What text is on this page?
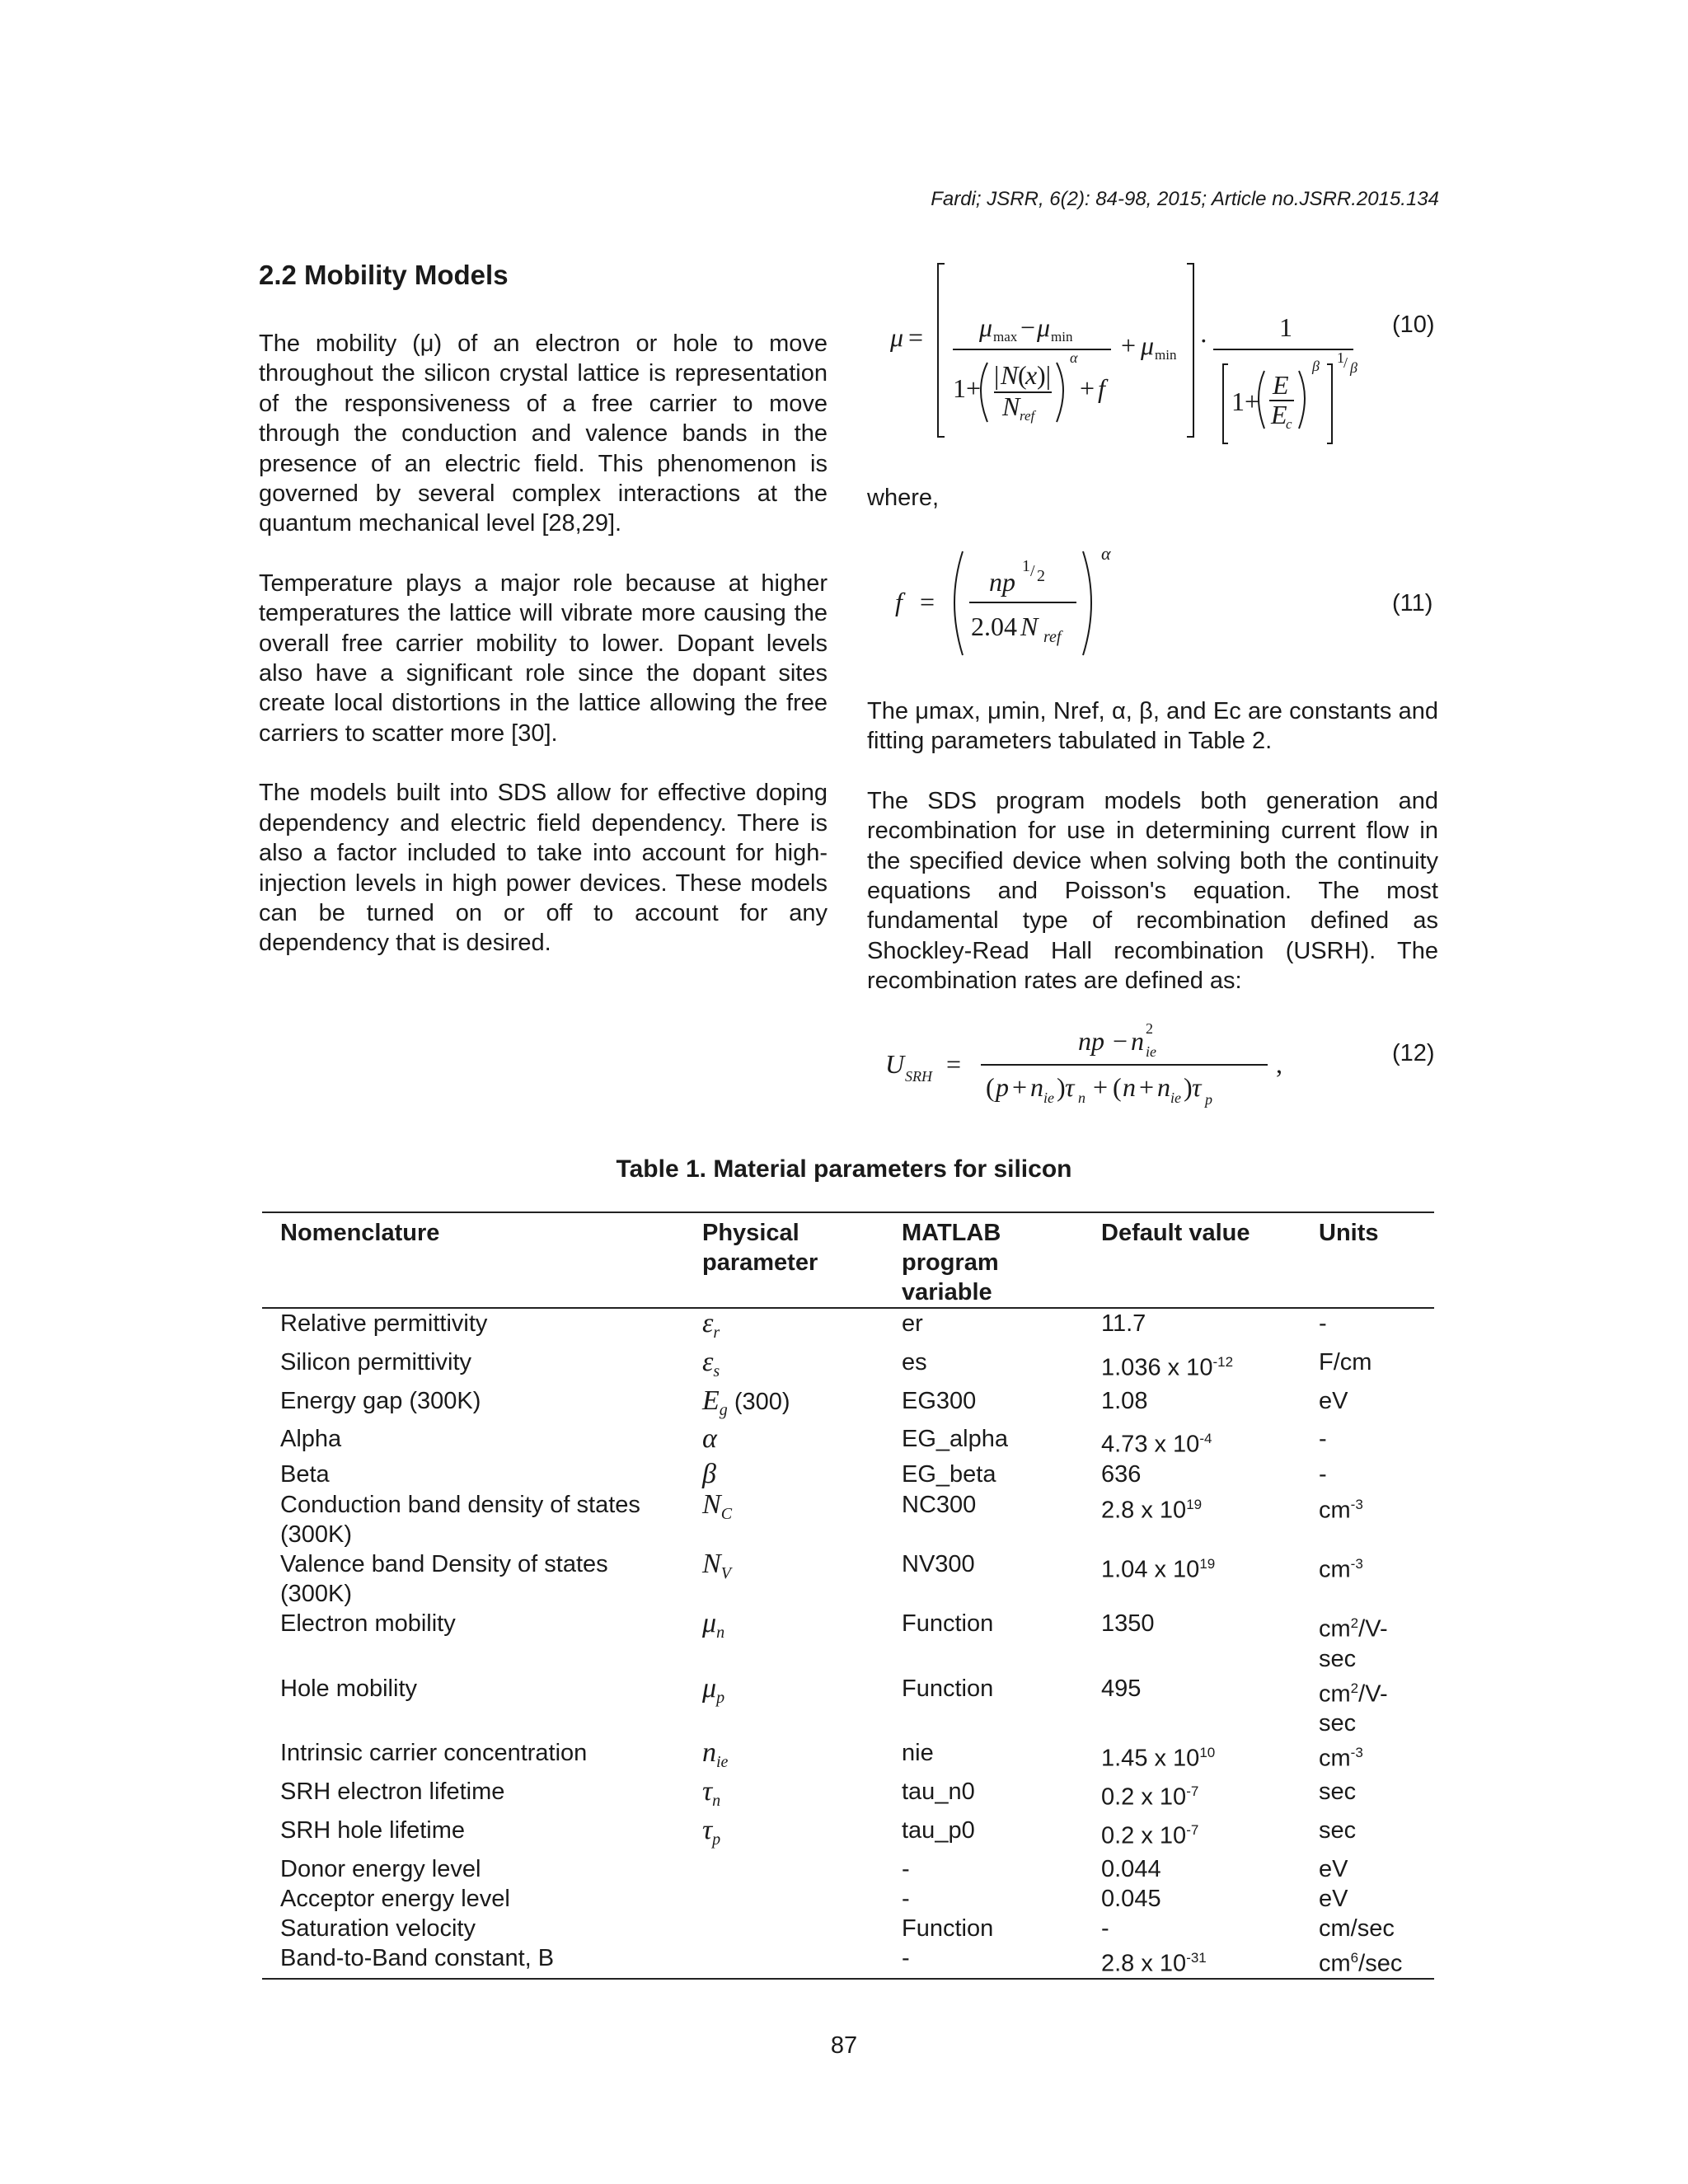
Fardi; JSRR, 6(2): 84-98, 2015; Article no.JSRR.2015.134
2.2 Mobility Models

The mobility (μ) of an electron or hole to move throughout the silicon crystal lattice is representation of the responsiveness of a free carrier to move through the conduction and valence bands in the presence of an electric field. This phenomenon is governed by several complex interactions at the quantum mechanical level [28,29].

Temperature plays a major role because at higher temperatures the lattice will vibrate more causing the overall free carrier mobility to lower. Dopant levels also have a significant role since the dopant sites create local distortions in the lattice allowing the free carriers to scatter more [30].

The models built into SDS allow for effective doping dependency and electric field dependency. There is also a factor included to take into account for high-injection levels in high power devices. These models can be turned on or off to account for any dependency that is desired.

μ = μ max − μ min
1+ | N (
x )|
N ref
α
+ f
+ μ min ·	1
1+
E
E
c
β 1 / β
(10)
where,
f =
np
1 / 2
2.04 N ref
α
(11)

The μmax, μmin, Nref, α, β, and Ec are constants and fitting parameters tabulated in Table 2.

The SDS program models both generation and recombination for use in determining current flow in the specified device when solving both the continuity equations and Poisson's equation. The most fundamental type of recombination defined as Shockley-Read Hall recombination (USRH). The recombination rates are defined as:

U SRH =
np − n 2
ie
( p + n ie ) τ n + ( n + n ie ) τ p
,	(12)
Table 1. Material parameters for silicon
Nomenclature	Physical parameter	MATLAB program variable	Default value	Units
Relative permittivity	$\varepsilon_r$	er	11.7	-
Silicon permittivity	$\varepsilon_s$	es	1.036 x $10^{-12}$	F/cm
Energy gap (300K)	$E_g$ (300)	EG300	1.08	eV
Alpha	α	EG_alpha	4.73 x $10^{-4}$	-
Beta	β	EG_beta	636	-
Conduction band density of states (300K)	$N_C$	NC300	2.8 x $10^{19}$	$cm^{-3}$
Valence band Density of states (300K)	$N_V$	NV300	1.04 x $10^{19}$	$cm^{-3}$
Electron mobility	$\mu_n$	Function	1350	$cm^2/V-\sec$
Hole mobility	$\mu_p$	Function	495	$cm^2/V-\sec$
Intrinsic carrier concentration	$n_{ie}$	nie	1.45 x $10^{10}$	$cm^{-3}$
SRH electron lifetime	$\tau_n$	tau_n0	0.2 x $10^{-7}$	sec
SRH hole lifetime	$\tau_p$	tau_p0	0.2 x $10^{-7}$	sec
Donor energy level		-	0.044	eV
Acceptor energy level		-	0.045	eV
Saturation velocity		Function	-	cm/sec
Band-to-Band constant, B		-	2.8 x $10^{-31}$	$cm^6/\sec$
87
